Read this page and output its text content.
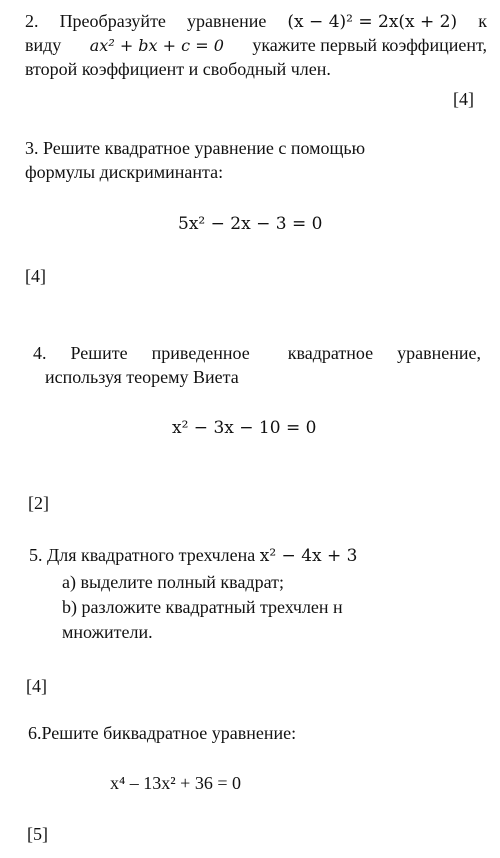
2. Преобразуйте уравнение (x − 4)² = 2x(x + 2) к
виду ax² + bx + c = 0 укажите первый коэффициент,
второй коэффициент и свободный член.
[4]
3. Решите квадратное уравнение с помощью
формулы дискриминанта:
5x² − 2x − 3 = 0
[4]
4. Решите приведенное квадратное уравнение,
используя теорему Виета
x² − 3x − 10 = 0
[2]
5. Для квадратного трехчлена x² − 4x + 3
a) выделите полный квадрат;
b) разложите квадратный трехчлен н
множители.
[4]
6.Решите биквадратное уравнение:
x⁴ – 13x² + 36 = 0
[5]
